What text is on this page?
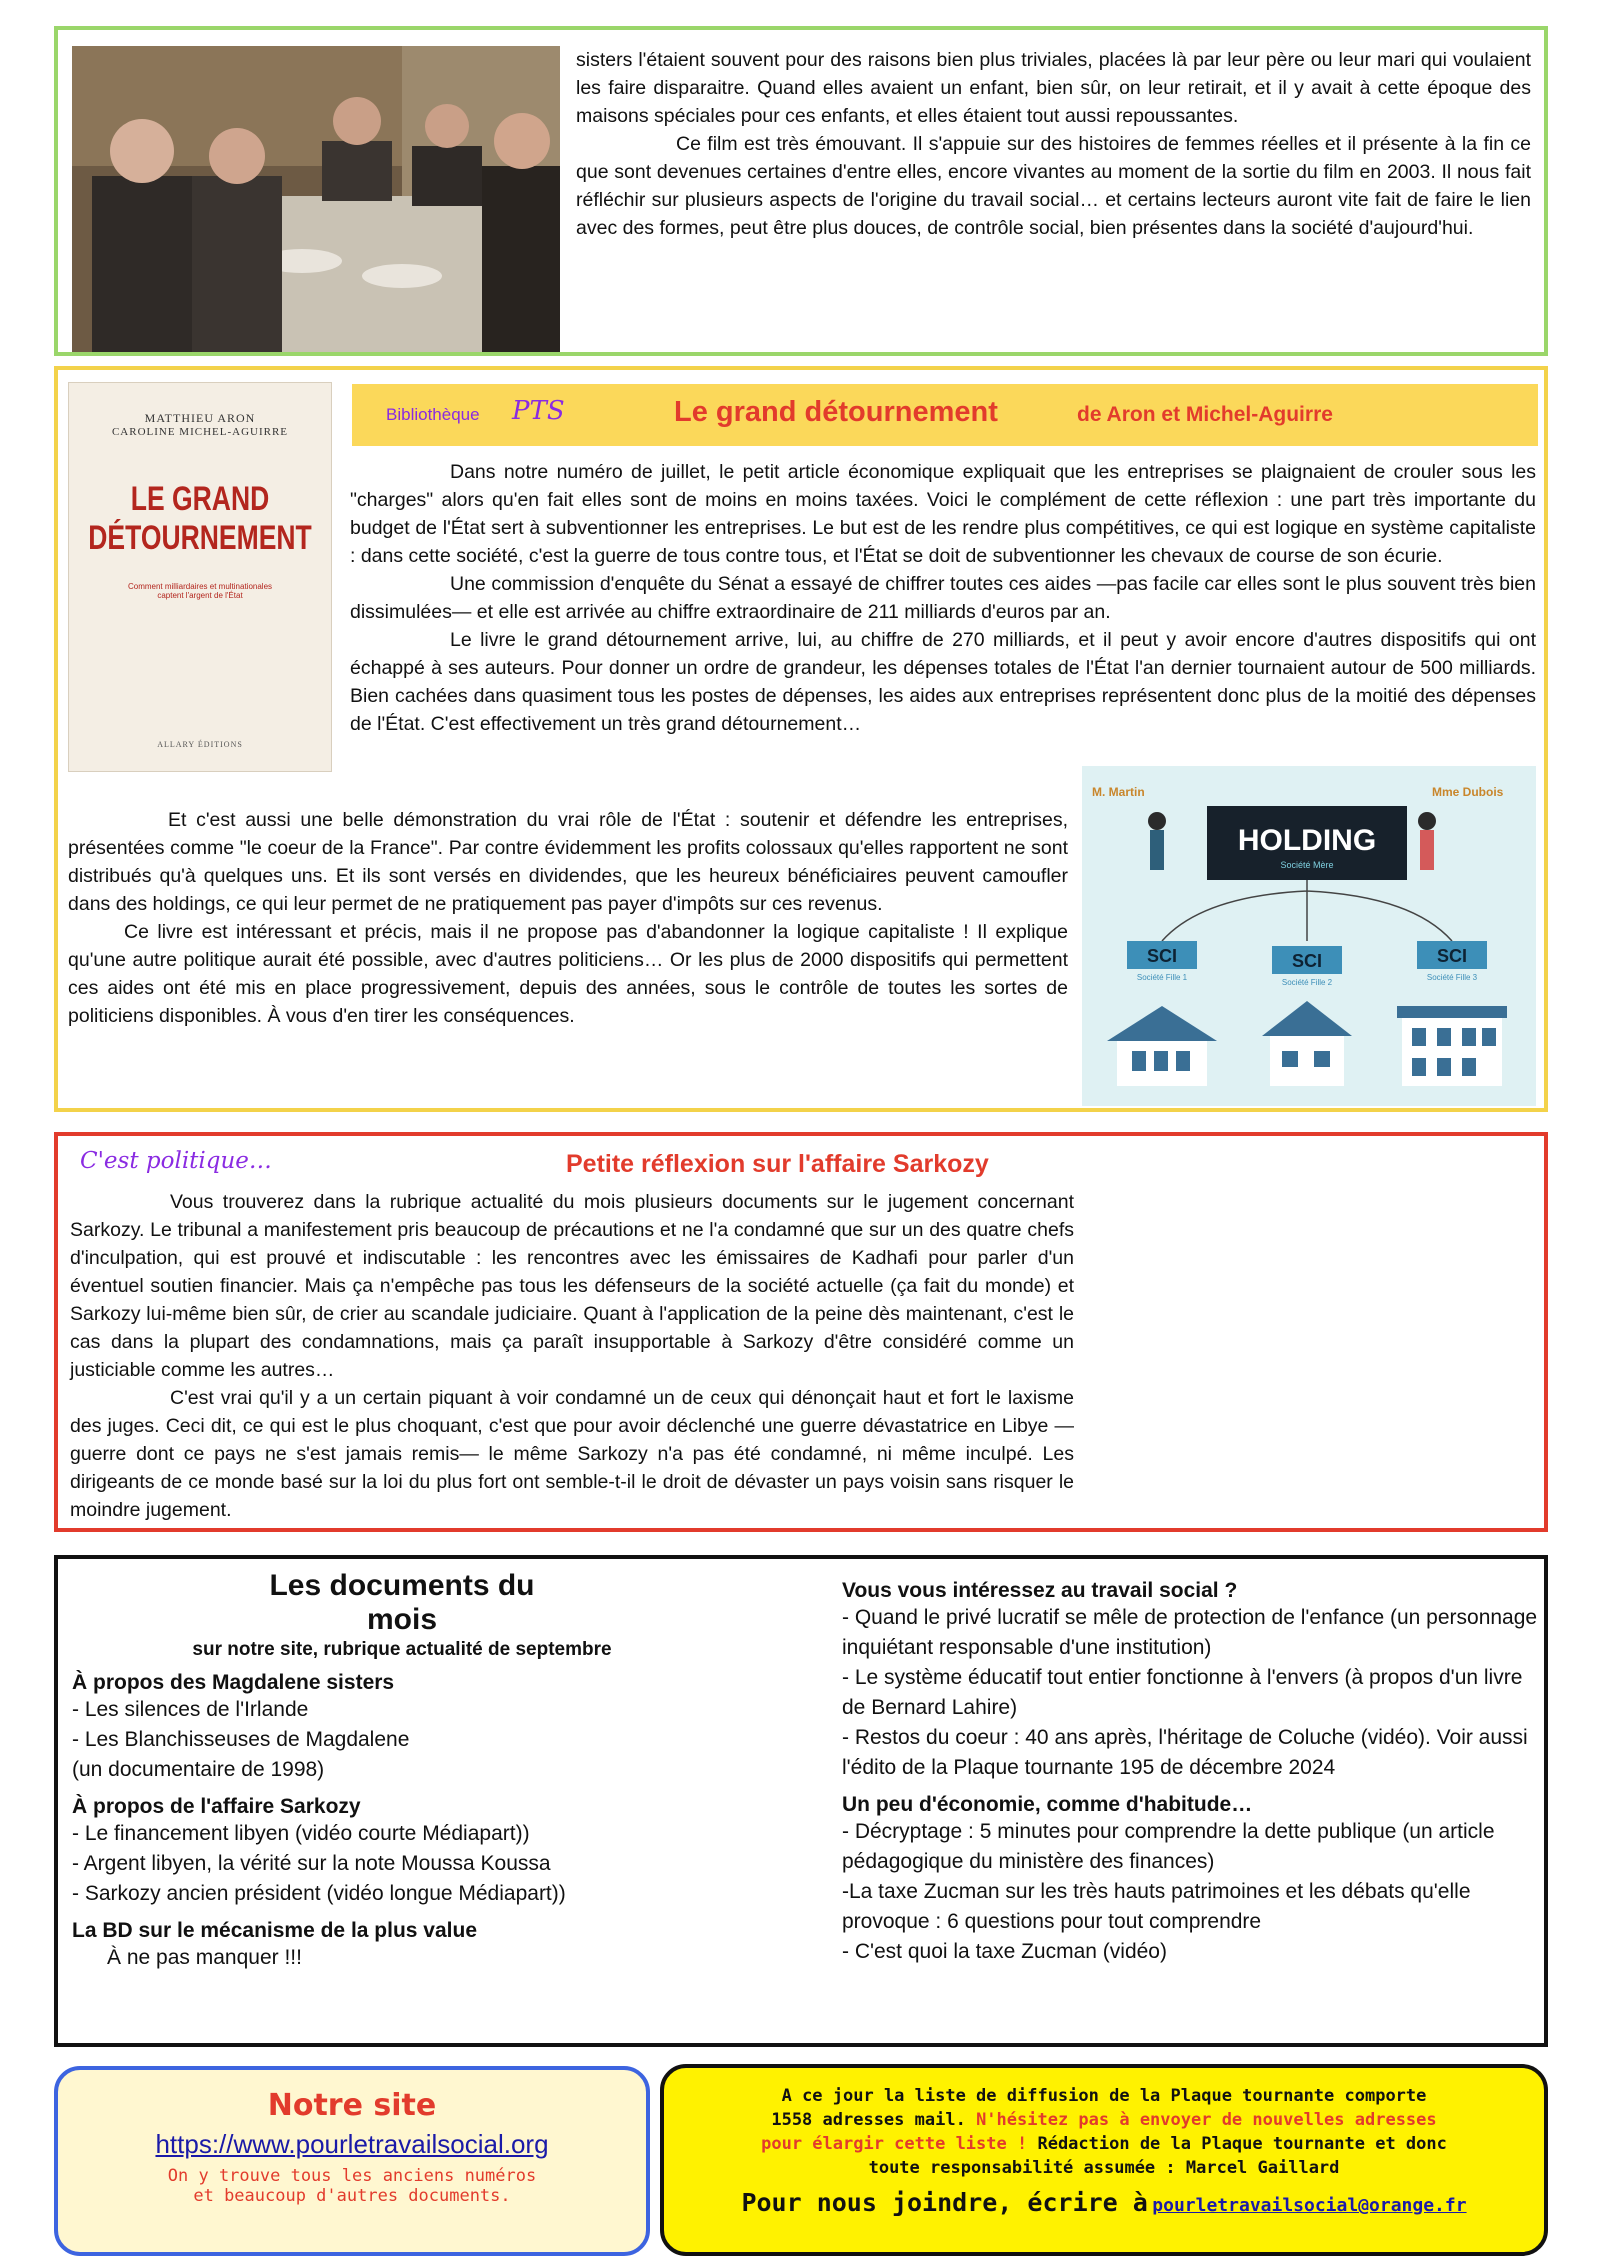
sisters l'étaient souvent pour des raisons bien plus triviales, placées là par leur père ou leur mari qui voulaient les faire disparaitre. Quand elles avaient un enfant, bien sûr, on leur retirait, et il y avait à cette époque des maisons spéciales pour ces enfants, et elles étaient tout aussi repoussantes.

Ce film est très émouvant. Il s'appuie sur des histoires de femmes réelles et il présente à la fin ce que sont devenues certaines d'entre elles, encore vivantes au moment de la sortie du film en 2003. Il nous fait réfléchir sur plusieurs aspects de l'origine du travail social… et certains lecteurs auront vite fait de faire le lien avec des formes, peut être plus douces, de contrôle social, bien présentes dans la société d'aujourd'hui.

MATTHIEU ARON
CAROLINE MICHEL-AGUIRRE
LE GRAND
DÉTOURNEMENT
Comment milliardaires et multinationales
captent l'argent de l'État
ALLARY ÉDITIONS
Bibliothèque PTS	Le grand détournement	de Aron et Michel-Aguirre

Dans notre numéro de juillet, le petit article économique expliquait que les entreprises se plaignaient de crouler sous les "charges" alors qu'en fait elles sont de moins en moins taxées. Voici le complément de cette réflexion : une part très importante du budget de l'État sert à subventionner les entreprises. Le but est de les rendre plus compétitives, ce qui est logique en système capitaliste : dans cette société, c'est la guerre de tous contre tous, et l'État se doit de subventionner les chevaux de course de son écurie.

Une commission d'enquête du Sénat a essayé de chiffrer toutes ces aides —pas facile car elles sont le plus souvent très bien dissimulées— et elle est arrivée au chiffre extraordinaire de 211 milliards d'euros par an.

Le livre le grand détournement arrive, lui, au chiffre de 270 milliards, et il peut y avoir encore d'autres dispositifs qui ont échappé à ses auteurs. Pour donner un ordre de grandeur, les dépenses totales de l'État l'an dernier tournaient autour de 500 milliards. Bien cachées dans quasiment tous les postes de dépenses, les aides aux entreprises représentent donc plus de la moitié des dépenses de l'État. C'est effectivement un très grand détournement…

Et c'est aussi une belle démonstration du vrai rôle de l'État : soutenir et défendre les entreprises, présentées comme "le coeur de la France". Par contre évidemment les profits colossaux qu'elles rapportent ne sont distribués qu'à quelques uns. Et ils sont versés en dividendes, que les heureux bénéficiaires peuvent camoufler dans des holdings, ce qui leur permet de ne pratiquement pas payer d'impôts sur ces revenus.

Ce livre est intéressant et précis, mais il ne propose pas d'abandonner la logique capitaliste ! Il explique qu'une autre politique aurait été possible, avec d'autres politiciens… Or les plus de 2000 dispositifs qui permettent ces aides ont été mis en place progressivement, depuis des années, sous le contrôle de toutes les sortes de politiciens disponibles. À vous d'en tirer les conséquences.

M. Martin	Mme Dubois
HOLDING
Société Mère
SCI
Société Fille 1
SCI
Société Fille 2
SCI
Société Fille 3
C'est politique…	Petite réflexion sur l'affaire Sarkozy

Vous trouverez dans la rubrique actualité du mois plusieurs documents sur le jugement concernant Sarkozy. Le tribunal a manifestement pris beaucoup de précautions et ne l'a condamné que sur un des quatre chefs d'inculpation, qui est prouvé et indiscutable : les rencontres avec les émissaires de Kadhafi pour parler d'un éventuel soutien financier. Mais ça n'empêche pas tous les défenseurs de la société actuelle (ça fait du monde) et Sarkozy lui-même bien sûr, de crier au scandale judiciaire. Quant à l'application de la peine dès maintenant, c'est le cas dans la plupart des condamnations, mais ça paraît insupportable à Sarkozy d'être considéré comme un justiciable comme les autres…

C'est vrai qu'il y a un certain piquant à voir condamné un de ceux qui dénonçait haut et fort le laxisme des juges. Ceci dit, ce qui est le plus choquant, c'est que pour avoir déclenché une guerre dévastatrice en Libye —guerre dont ce pays ne s'est jamais remis— le même Sarkozy n'a pas été condamné, ni même inculpé. Les dirigeants de ce monde basé sur la loi du plus fort ont semble-t-il le droit de dévaster un pays voisin sans risquer le moindre jugement.

Les documents du mois
sur notre site, rubrique actualité de septembre
À propos des Magdalene sisters
- Les silences de l'Irlande
- Les Blanchisseuses de Magdalene
(un documentaire de 1998)
À propos de l'affaire Sarkozy
- Le financement libyen (vidéo courte Médiapart))
- Argent libyen, la vérité sur la note Moussa Koussa
- Sarkozy ancien président (vidéo longue Médiapart))
La BD sur le mécanisme de la plus value
À ne pas manquer !!!
Vous vous intéressez au travail social ?
- Quand le privé lucratif se mêle de protection de l'enfance (un personnage inquiétant responsable d'une institution)
- Le système éducatif tout entier fonctionne à l'envers (à propos d'un livre de Bernard Lahire)
- Restos du coeur : 40 ans après, l'héritage de Coluche (vidéo). Voir aussi l'édito de la Plaque tournante 195 de décembre 2024
Un peu d'économie, comme d'habitude…
- Décryptage : 5 minutes pour comprendre la dette publique (un article pédagogique du ministère des finances)
-La taxe Zucman sur les très hauts patrimoines et les débats qu'elle provoque : 6 questions pour tout comprendre
- C'est quoi la taxe Zucman (vidéo)
Notre site
https://www.pourletravailsocial.org
On y trouve tous les anciens numéros
et beaucoup d'autres documents.
A ce jour la liste de diffusion de la Plaque tournante comporte
1558 adresses mail. N'hésitez pas à envoyer de nouvelles adresses
pour élargir cette liste ! Rédaction de la Plaque tournante et donc
toute responsabilité assumée : Marcel Gaillard
Pour nous joindre, écrire à pourletravailsocial@orange.fr
